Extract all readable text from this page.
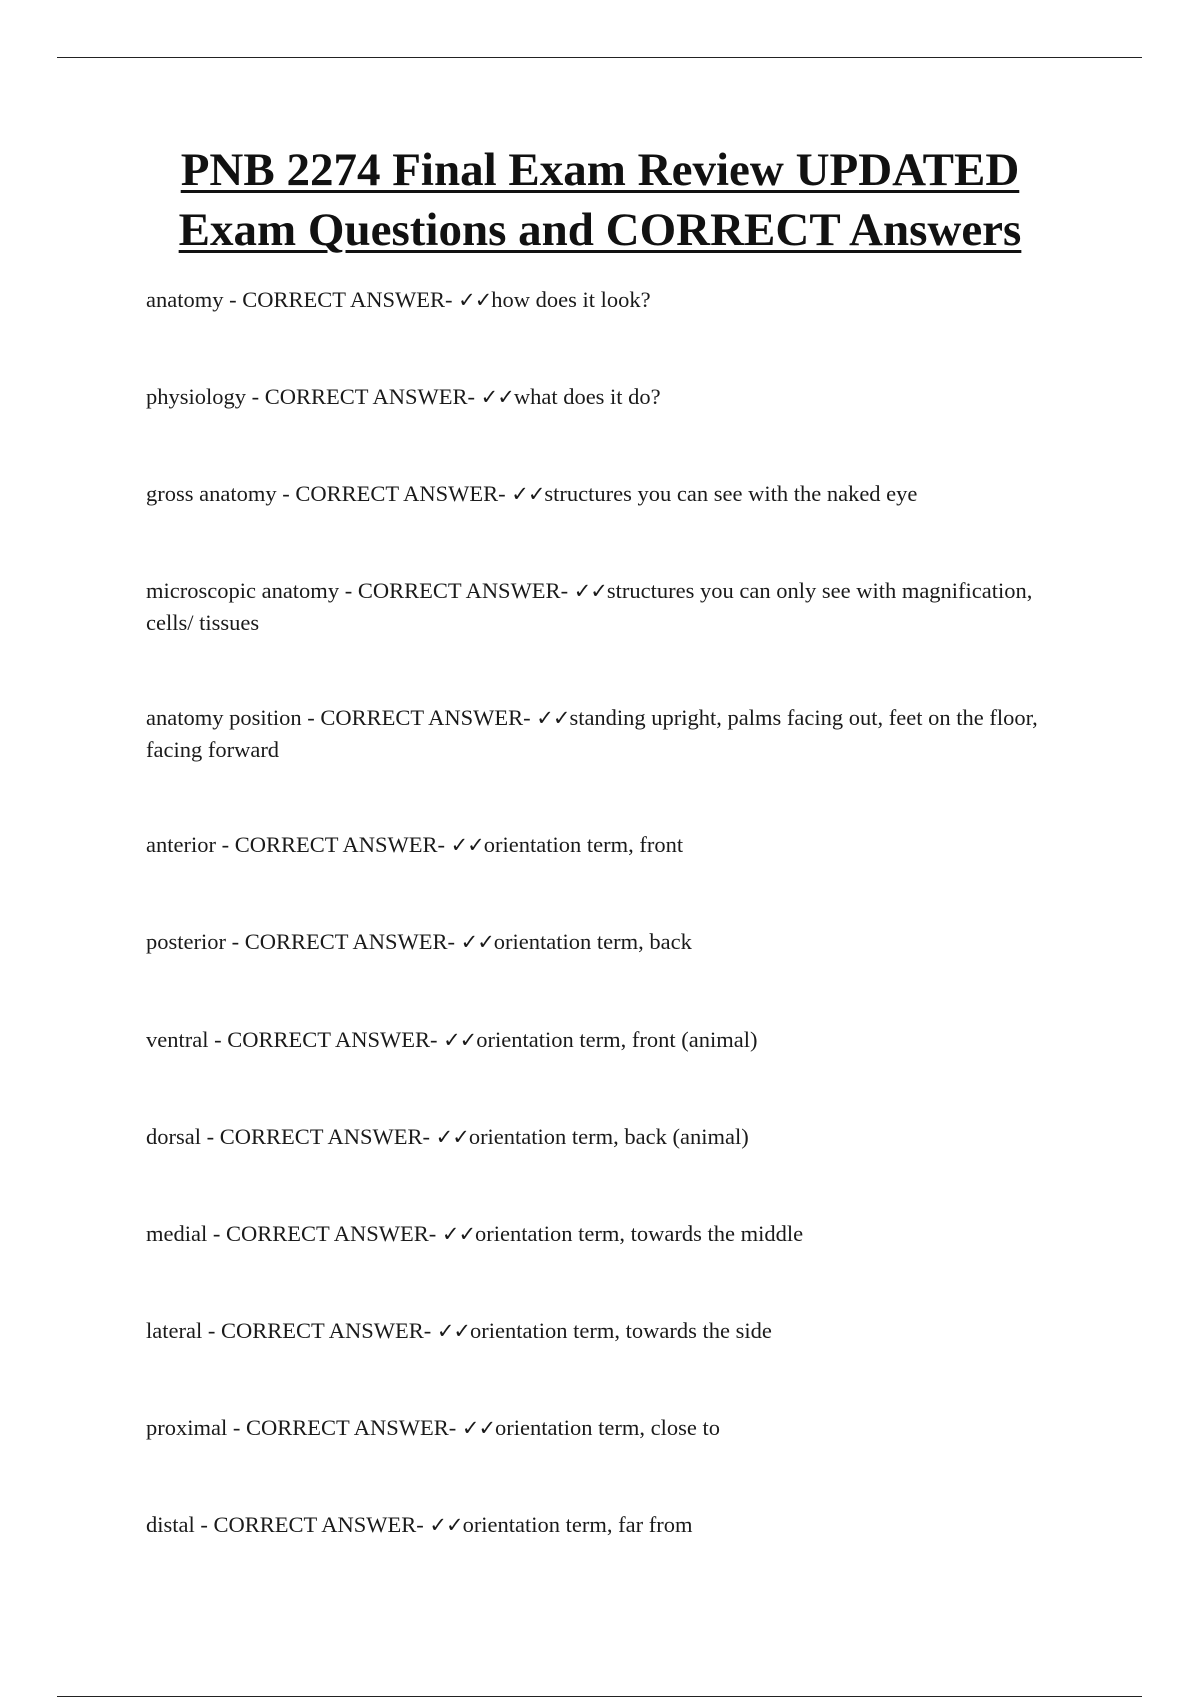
PNB 2274 Final Exam Review UPDATED
Exam Questions and CORRECT Answers

anatomy - CORRECT ANSWER- ✓✓how does it look?

physiology - CORRECT ANSWER- ✓✓what does it do?

gross anatomy - CORRECT ANSWER- ✓✓structures you can see with the naked eye

microscopic anatomy - CORRECT ANSWER- ✓✓structures you can only see with magnification, cells/ tissues

anatomy position - CORRECT ANSWER- ✓✓standing upright, palms facing out, feet on the floor, facing forward

anterior - CORRECT ANSWER- ✓✓orientation term, front

posterior - CORRECT ANSWER- ✓✓orientation term, back

ventral - CORRECT ANSWER- ✓✓orientation term, front (animal)

dorsal - CORRECT ANSWER- ✓✓orientation term, back (animal)

medial - CORRECT ANSWER- ✓✓orientation term, towards the middle

lateral - CORRECT ANSWER- ✓✓orientation term, towards the side

proximal - CORRECT ANSWER- ✓✓orientation term, close to

distal - CORRECT ANSWER- ✓✓orientation term, far from
